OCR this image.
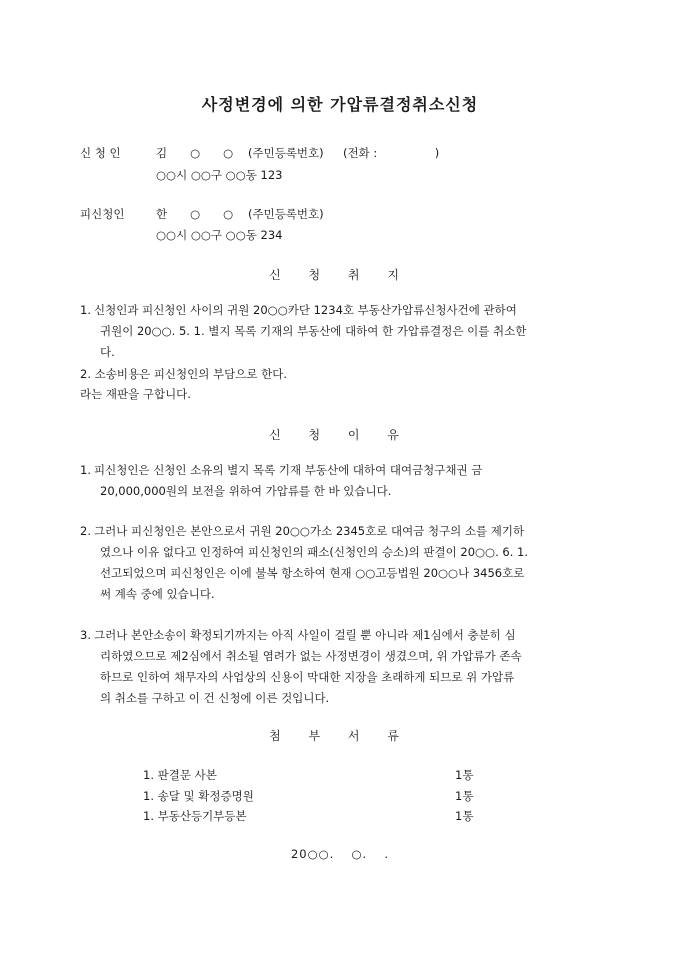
사정변경에 의한 가압류결정취소신청
신 청 인	김　　○　　○ (주민등록번호) (전화 :　　　　　)
○○시 ○○구 ○○동 123
피신청인	한　　○　　○ (주민등록번호)
○○시 ○○구 ○○동 234
신 청 취 지
1. 신청인과 피신청인 사이의 귀원 20○○카단 1234호 부동산가압류신청사건에 관하여
귀원이 20○○. 5. 1. 별지 목록 기재의 부동산에 대하여 한 가압류결정은 이를 취소한
다.
2. 소송비용은 피신청인의 부담으로 한다.
라는 재판을 구합니다.
신 청 이 유
1. 피신청인은 신청인 소유의 별지 목록 기재 부동산에 대하여 대여금청구채권 금
20,000,000원의 보전을 위하여 가압류를 한 바 있습니다.
2. 그러나 피신청인은 본안으로서 귀원 20○○가소 2345호로 대여금 청구의 소를 제기하
였으나 이유 없다고 인정하여 피신청인의 패소(신청인의 승소)의 판결이 20○○. 6. 1.
선고되었으며 피신청인은 이에 불복 항소하여 현재 ○○고등법원 20○○나 3456호로
써 계속 중에 있습니다.
3. 그러나 본안소송이 확정되기까지는 아직 사일이 걸릴 뿐 아니라 제1심에서 충분히 심
리하였으므로 제2심에서 취소될 염려가 없는 사정변경이 생겼으며, 위 가압류가 존속
하므로 인하여 채무자의 사업상의 신용이 막대한 지장을 초래하게 되므로 위 가압류
의 취소를 구하고 이 건 신청에 이른 것입니다.
첨 부 서 류
1. 판결문 사본	1통
1. 송달 및 확정증명원	1통
1. 부동산등기부등본	1통
20○○.　 ○.　 .
